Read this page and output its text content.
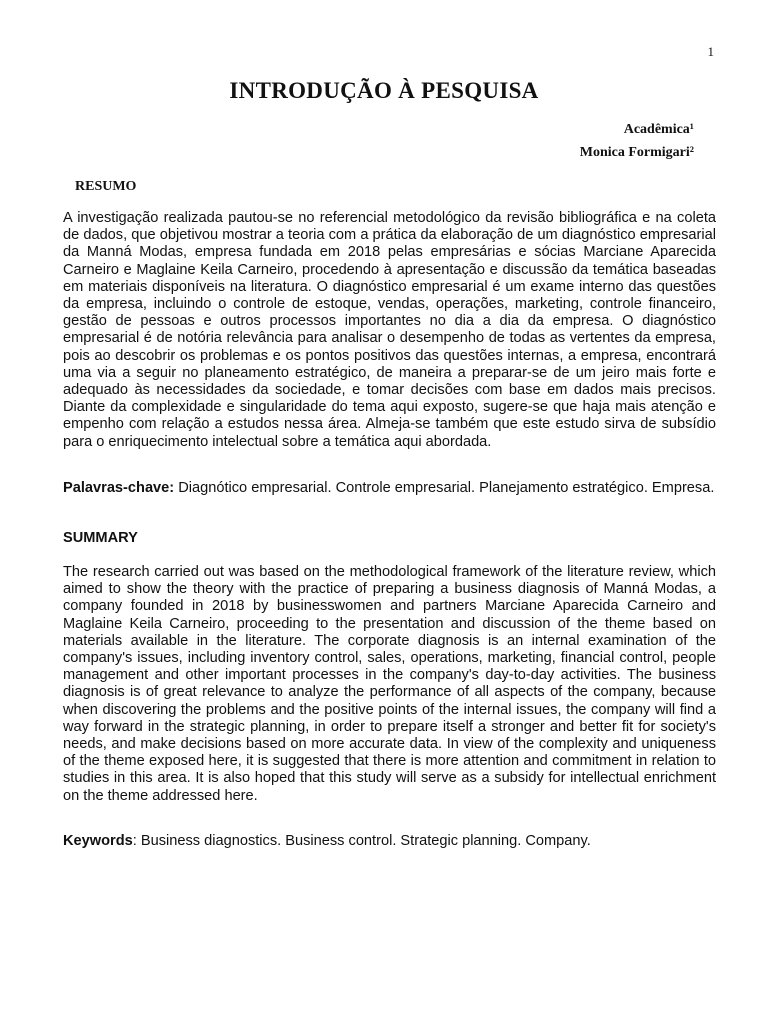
1
INTRODUÇÃO À PESQUISA
Acadêmica¹
Monica Formigari²
RESUMO
A investigação realizada pautou-se no referencial metodológico da revisão bibliográfica e na coleta de dados, que objetivou mostrar a teoria com a prática da elaboração de um diagnóstico empresarial da Manná Modas, empresa fundada em 2018 pelas empresárias e sócias Marciane Aparecida Carneiro e Maglaine Keila Carneiro, procedendo à apresentação e discussão da temática baseadas em materiais disponíveis na literatura. O diagnóstico empresarial é um exame interno das questões da empresa, incluindo o controle de estoque, vendas, operações, marketing, controle financeiro, gestão de pessoas e outros processos importantes no dia a dia da empresa. O diagnóstico empresarial é de notória relevância para analisar o desempenho de todas as vertentes da empresa, pois ao descobrir os problemas e os pontos positivos das questões internas, a empresa, encontrará uma via a seguir no planeamento estratégico, de maneira a preparar-se de um jeiro mais forte e adequado às necessidades da sociedade, e tomar decisões com base em dados mais precisos. Diante da complexidade e singularidade do tema aqui exposto, sugere-se que haja mais atenção e empenho com relação a estudos nessa área. Almeja-se também que este estudo sirva de subsídio para o enriquecimento intelectual sobre a temática aqui abordada.
Palavras-chave: Diagnótico empresarial. Controle empresarial. Planejamento estratégico. Empresa.
SUMMARY
The research carried out was based on the methodological framework of the literature review, which aimed to show the theory with the practice of preparing a business diagnosis of Manná Modas, a company founded in 2018 by businesswomen and partners Marciane Aparecida Carneiro and Maglaine Keila Carneiro, proceeding to the presentation and discussion of the theme based on materials available in the literature. The corporate diagnosis is an internal examination of the company's issues, including inventory control, sales, operations, marketing, financial control, people management and other important processes in the company's day-to-day activities. The business diagnosis is of great relevance to analyze the performance of all aspects of the company, because when discovering the problems and the positive points of the internal issues, the company will find a way forward in the strategic planning, in order to prepare itself a stronger and better fit for society's needs, and make decisions based on more accurate data. In view of the complexity and uniqueness of the theme exposed here, it is suggested that there is more attention and commitment in relation to studies in this area. It is also hoped that this study will serve as a subsidy for intellectual enrichment on the theme addressed here.
Keywords: Business diagnostics. Business control. Strategic planning. Company.
